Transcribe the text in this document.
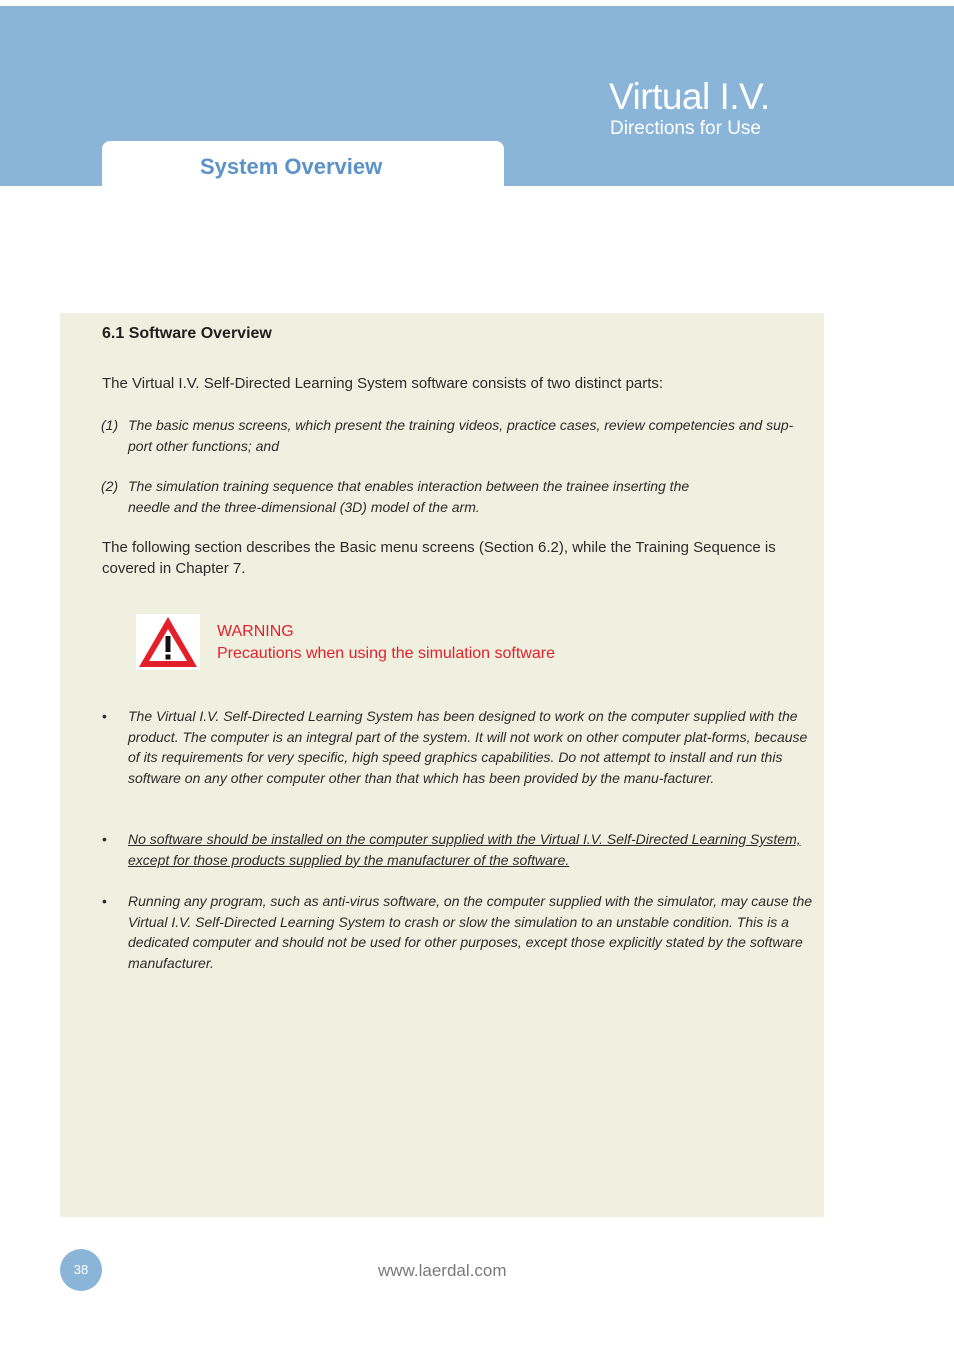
Virtual I.V.
Directions for Use
System Overview
6.1 Software Overview
The Virtual I.V. Self-Directed Learning System software consists of two distinct parts:
(1) The basic menus screens, which present the training videos, practice cases, review competencies and sup-port other functions; and
(2) The simulation training sequence that enables interaction between the trainee inserting the needle and the three-dimensional (3D) model of the arm.
The following section describes the Basic menu screens (Section 6.2), while the Training Sequence is covered in Chapter 7.
WARNING
Precautions when using the simulation software
• The Virtual I.V. Self-Directed Learning System has been designed to work on the computer supplied with the product. The computer is an integral part of the system. It will not work on other computer plat-forms, because of its requirements for very specific, high speed graphics capabilities. Do not attempt to install and run this software on any other computer other than that which has been provided by the manu-facturer.
• No software should be installed on the computer supplied with the Virtual I.V. Self-Directed Learning System, except for those products supplied by the manufacturer of the software.
• Running any program, such as anti-virus software, on the computer supplied with the simulator, may cause the Virtual I.V. Self-Directed Learning System to crash or slow the simulation to an unstable condition. This is a dedicated computer and should not be used for other purposes, except those explicitly stated by the software manufacturer.
38	www.laerdal.com
